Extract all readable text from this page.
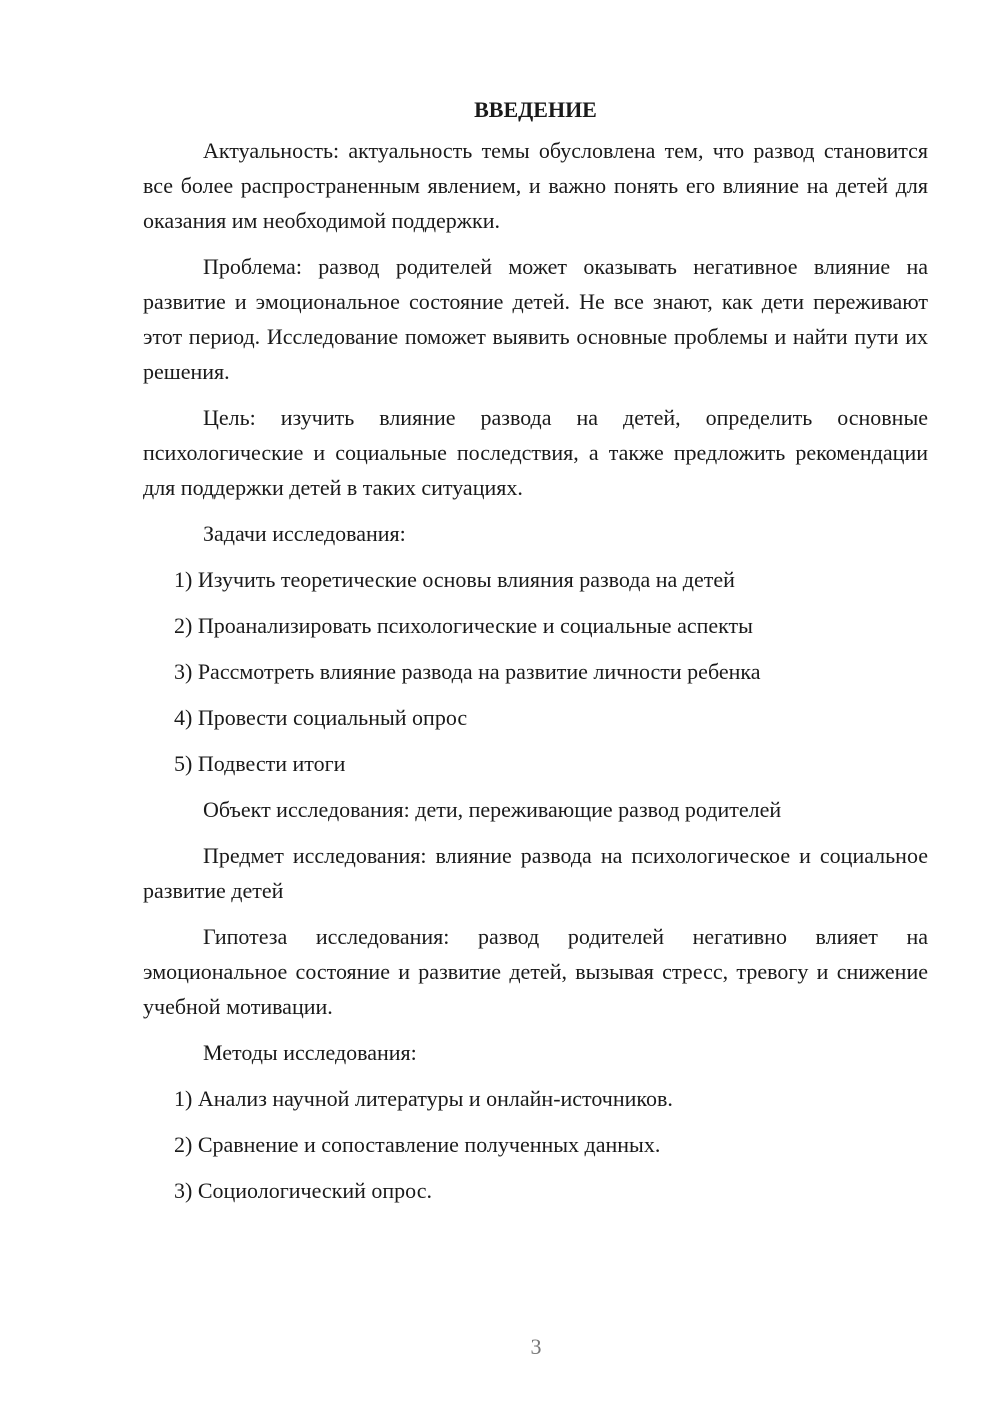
ВВЕДЕНИЕ

Актуальность: актуальность темы обусловлена тем, что развод становится все более распространенным явлением, и важно понять его влияние на детей для оказания им необходимой поддержки.

Проблема: развод родителей может оказывать негативное влияние на развитие и эмоциональное состояние детей. Не все знают, как дети переживают этот период. Исследование поможет выявить основные проблемы и найти пути их решения.

Цель: изучить влияние развода на детей, определить основные психологические и социальные последствия, а также предложить рекомендации для поддержки детей в таких ситуациях.

Задачи исследования:

1) Изучить теоретические основы влияния развода на детей

2) Проанализировать психологические и социальные аспекты

3) Рассмотреть влияние развода на развитие личности ребенка

4) Провести социальный опрос

5) Подвести итоги

Объект исследования: дети, переживающие развод родителей

Предмет исследования: влияние развода на психологическое и социальное развитие детей

Гипотеза исследования: развод родителей негативно влияет на эмоциональное состояние и развитие детей, вызывая стресс, тревогу и снижение учебной мотивации.

Методы исследования:

1) Анализ научной литературы и онлайн-источников.

2) Сравнение и сопоставление полученных данных.

3) Социологический опрос.

3
